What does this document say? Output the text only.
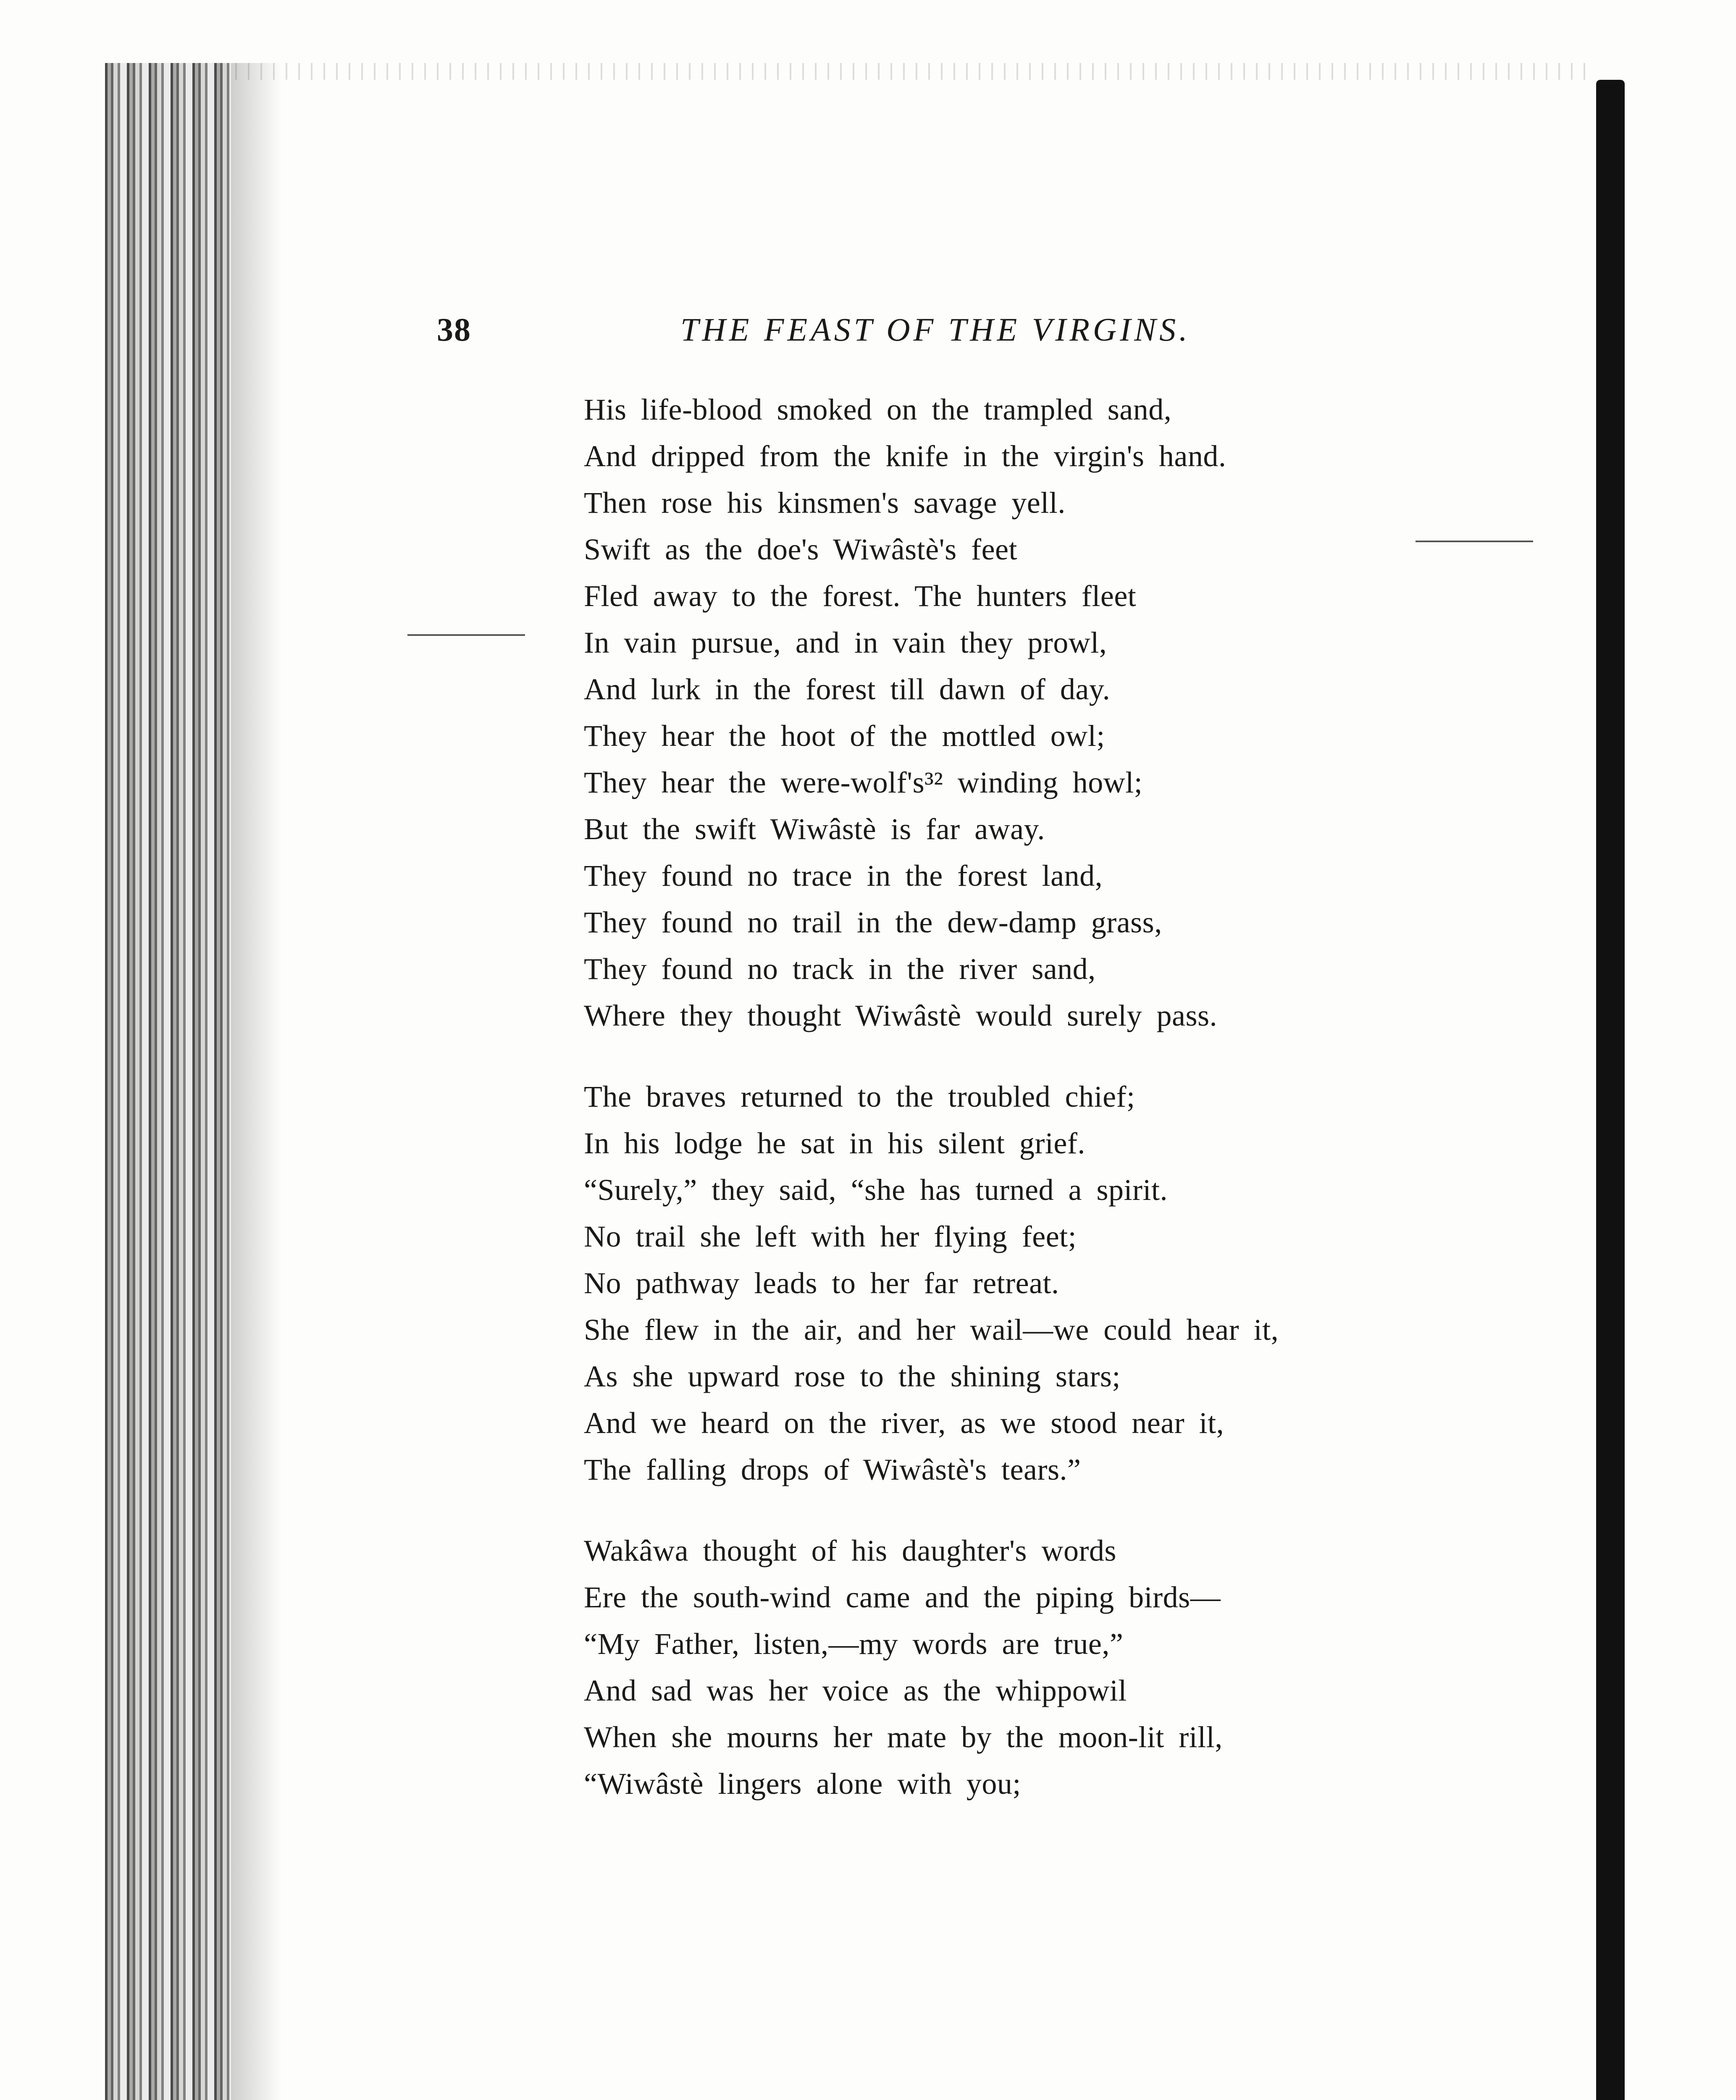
38	THE FEAST OF THE VIRGINS.
His life-blood smoked on the trampled sand,
And dripped from the knife in the virgin's hand.
Then rose his kinsmen's savage yell.
Swift as the doe's Wiwâstè's feet
Fled away to the forest. The hunters fleet
In vain pursue, and in vain they prowl,
And lurk in the forest till dawn of day.
They hear the hoot of the mottled owl;
They hear the were-wolf's³² winding howl;
But the swift Wiwâstè is far away.
They found no trace in the forest land,
They found no trail in the dew-damp grass,
They found no track in the river sand,
Where they thought Wiwâstè would surely pass.
The braves returned to the troubled chief;
In his lodge he sat in his silent grief.
“Surely,” they said, “she has turned a spirit.
No trail she left with her flying feet;
No pathway leads to her far retreat.
She flew in the air, and her wail—we could hear it,
As she upward rose to the shining stars;
And we heard on the river, as we stood near it,
The falling drops of Wiwâstè's tears.”
Wakâwa thought of his daughter's words
Ere the south-wind came and the piping birds—
“My Father, listen,—my words are true,”
And sad was her voice as the whippowil
When she mourns her mate by the moon-lit rill,
“Wiwâstè lingers alone with you;
